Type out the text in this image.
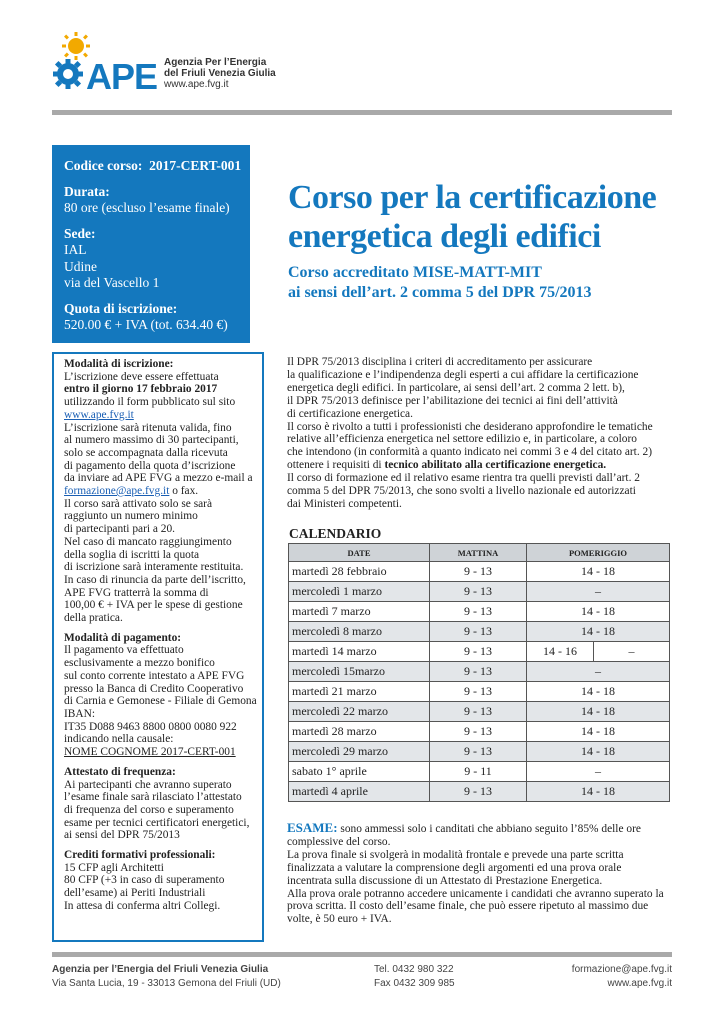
APE Agenzia Per l’Energia
del Friuli Venezia Giulia
www.ape.fvg.it
Codice corso: 2017-CERT-001
Durata:
80 ore (escluso l’esame finale)
Sede:
IAL
Udine
via del Vascello 1
Quota di iscrizione:
520.00 € + IVA (tot. 634.40 €)
Corso per la certificazione
energetica degli edifici
Corso accreditato MISE-MATT-MIT
ai sensi dell’art. 2 comma 5 del DPR 75/2013
Modalità di iscrizione:
L’iscrizione deve essere effettuata
entro il giorno 17 febbraio 2017
utilizzando il form pubblicato sul sito
www.ape.fvg.it
L’iscrizione sarà ritenuta valida, fino
al numero massimo di 30 partecipanti,
solo se accompagnata dalla ricevuta
di pagamento della quota d’iscrizione
da inviare ad APE FVG a mezzo e-mail a
formazione@ape.fvg.it o fax.
Il corso sarà attivato solo se sarà
raggiunto un numero minimo
di partecipanti pari a 20.
Nel caso di mancato raggiungimento
della soglia di iscritti la quota
di iscrizione sarà interamente restituita.
In caso di rinuncia da parte dell’iscritto,
APE FVG tratterrà la somma di
100,00 € + IVA per le spese di gestione
della pratica.
Modalità di pagamento:
Il pagamento va effettuato
esclusivamente a mezzo bonifico
sul conto corrente intestato a APE FVG
presso la Banca di Credito Cooperativo
di Carnia e Gemonese - Filiale di Gemona
IBAN:
IT35 D088 9463 8800 0800 0080 922
indicando nella causale:
NOME COGNOME 2017-CERT-001
Attestato di frequenza:
Ai partecipanti che avranno superato
l’esame finale sarà rilasciato l’attestato
di frequenza del corso e superamento
esame per tecnici certificatori energetici,
ai sensi del DPR 75/2013
Crediti formativi professionali:
15 CFP agli Architetti
80 CFP (+3 in caso di superamento
dell’esame) ai Periti Industriali
In attesa di conferma altri Collegi.
Il DPR 75/2013 disciplina i criteri di accreditamento per assicurare
la qualificazione e l’indipendenza degli esperti a cui affidare la certificazione
energetica degli edifici. In particolare, ai sensi dell’art. 2 comma 2 lett. b),
il DPR 75/2013 definisce per l’abilitazione dei tecnici ai fini dell’attività
di certificazione energetica.
Il corso è rivolto a tutti i professionisti che desiderano approfondire le tematiche
relative all’efficienza energetica nel settore edilizio e, in particolare, a coloro
che intendono (in conformità a quanto indicato nei commi 3 e 4 del citato art. 2)
ottenere i requisiti di tecnico abilitato alla certificazione energetica.
Il corso di formazione ed il relativo esame rientra tra quelli previsti dall’art. 2
comma 5 del DPR 75/2013, che sono svolti a livello nazionale ed autorizzati
dai Ministeri competenti.
CALENDARIO
DATE	MATTINA	POMERIGGIO	
martedì 28 febbraio	9 - 13	14 - 18	
mercoledì 1 marzo	9 - 13	–	
martedì 7 marzo	9 - 13	14 - 18	
mercoledì 8 marzo	9 - 13	14 - 18	
martedì 14 marzo	9 - 13	14 - 16	–
mercoledì 15marzo	9 - 13	–	
martedì 21 marzo	9 - 13	14 - 18	
mercoledì 22 marzo	9 - 13	14 - 18	
martedì 28 marzo	9 - 13	14 - 18	
mercoledì 29 marzo	9 - 13	14 - 18	
sabato 1° aprile	9 - 11	–	
martedì 4 aprile	9 - 13	14 - 18	
ESAME: sono ammessi solo i canditati che abbiano seguito l’85% delle ore
complessive del corso.
La prova finale si svolgerà in modalità frontale e prevede una parte scritta
finalizzata a valutare la comprensione degli argomenti ed una prova orale
incentrata sulla discussione di un Attestato di Prestazione Energetica.
Alla prova orale potranno accedere unicamente i candidati che avranno superato la
prova scritta. Il costo dell’esame finale, che può essere ripetuto al massimo due
volte, è 50 euro + IVA.
Agenzia per l’Energia del Friuli Venezia Giulia
Via Santa Lucia, 19 - 33013 Gemona del Friuli (UD)
Tel. 0432 980 322
Fax 0432 309 985
formazione@ape.fvg.it
www.ape.fvg.it
